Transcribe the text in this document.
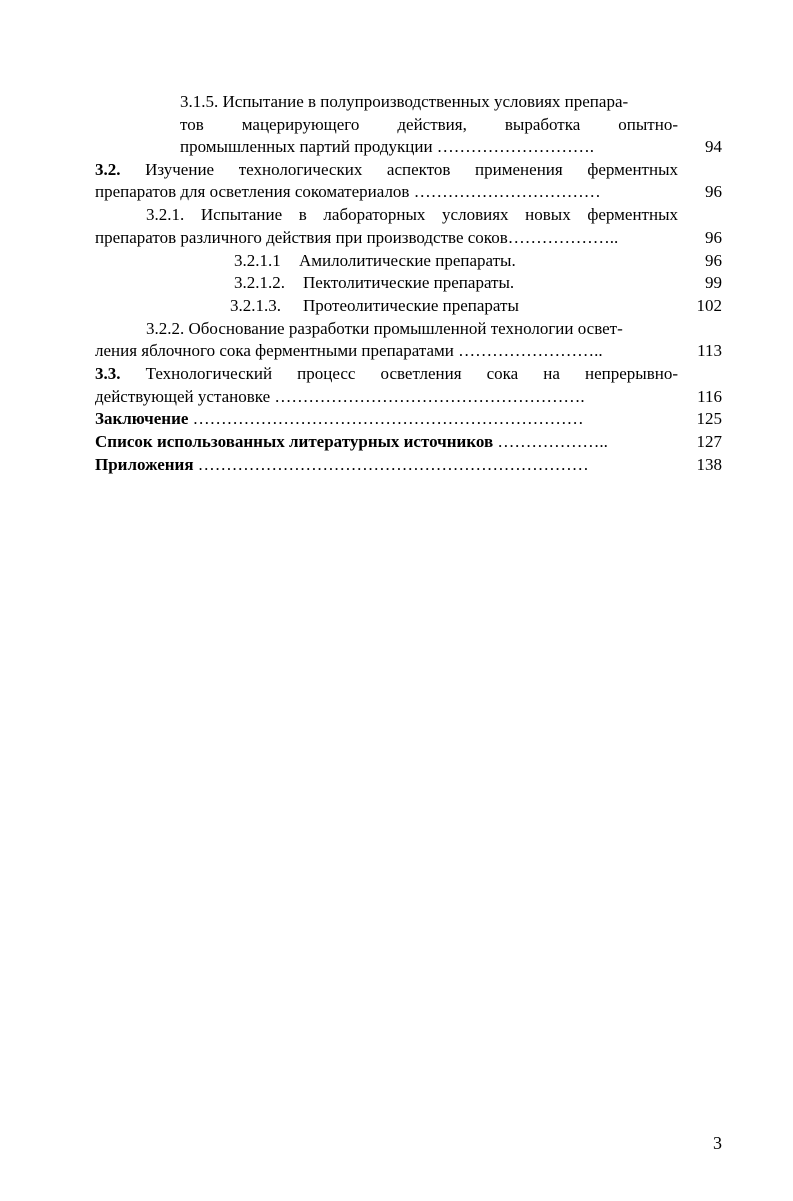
3.1.5. Испытание в полупроизводственных условиях препара-
тов мацерирующего действия, выработка опытно-
промышленных партий продукции ……………………….	94
3.2. Изучение технологических аспектов применения ферментных
препаратов для осветления сокоматериалов ……………………………	96
3.2.1. Испытание в лабораторных условиях новых ферментных
препаратов различного действия при производстве соков………………..	96
3.2.1.1 Амилолитические препараты.	96
3.2.1.2. Пектолитические препараты.	99
3.2.1.3. Протеолитические препараты	102
3.2.2. Обоснование разработки промышленной технологии освет-
ления яблочного сока ферментными препаратами ……………………..	113
3.3. Технологический процесс осветления сока на непрерывно-
действующей установке ……………………………………………….	116
Заключение ……………………………………………………………	125
Список использованных литературных источников ………………..	127
Приложения ……………………………………………………………	138
3
